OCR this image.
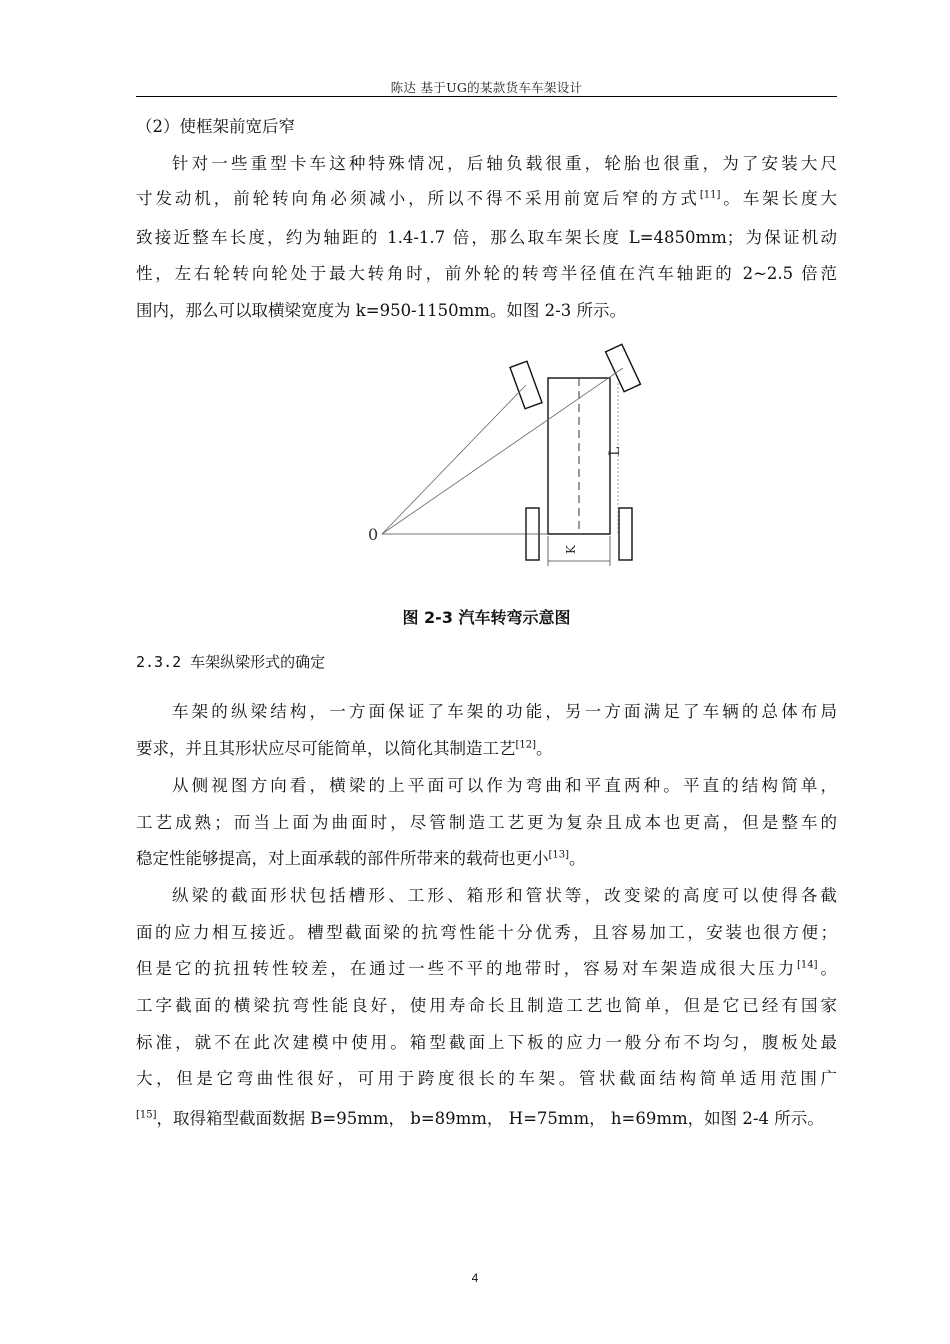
陈达 基于UG的某款货车车架设计
（2）使框架前宽后窄
针对一些重型卡车这种特殊情况，后轴负载很重，轮胎也很重，为了安装大尺
寸发动机，前轮转向角必须减小，所以不得不采用前宽后窄的方式[11]。车架长度大
致接近整车长度，约为轴距的 1.4-1.7 倍，那么取车架长度 L=4850mm；为保证机动
性，左右轮转向轮处于最大转角时，前外轮的转弯半径值在汽车轴距的 2~2.5 倍范
围内，那么可以取横梁宽度为 k=950-1150mm。如图 2-3 所示。
0
L
K
图 2-3 汽车转弯示意图
2.3.2 车架纵梁形式的确定
车架的纵梁结构，一方面保证了车架的功能，另一方面满足了车辆的总体布局
要求，并且其形状应尽可能简单，以简化其制造工艺[12]。
从侧视图方向看，横梁的上平面可以作为弯曲和平直两种。平直的结构简单，
工艺成熟；而当上面为曲面时，尽管制造工艺更为复杂且成本也更高，但是整车的
稳定性能够提高，对上面承载的部件所带来的载荷也更小[13]。
纵梁的截面形状包括槽形、工形、箱形和管状等，改变梁的高度可以使得各截
面的应力相互接近。槽型截面梁的抗弯性能十分优秀，且容易加工，安装也很方便；
但是它的抗扭转性较差，在通过一些不平的地带时，容易对车架造成很大压力[14]。
工字截面的横梁抗弯性能良好，使用寿命长且制造工艺也简单，但是它已经有国家
标准，就不在此次建模中使用。箱型截面上下板的应力一般分布不均匀，腹板处最
大，但是它弯曲性很好，可用于跨度很长的车架。管状截面结构简单适用范围广
[15]，取得箱型截面数据 B=95mm， b=89mm， H=75mm， h=69mm，如图 2-4 所示。
4
